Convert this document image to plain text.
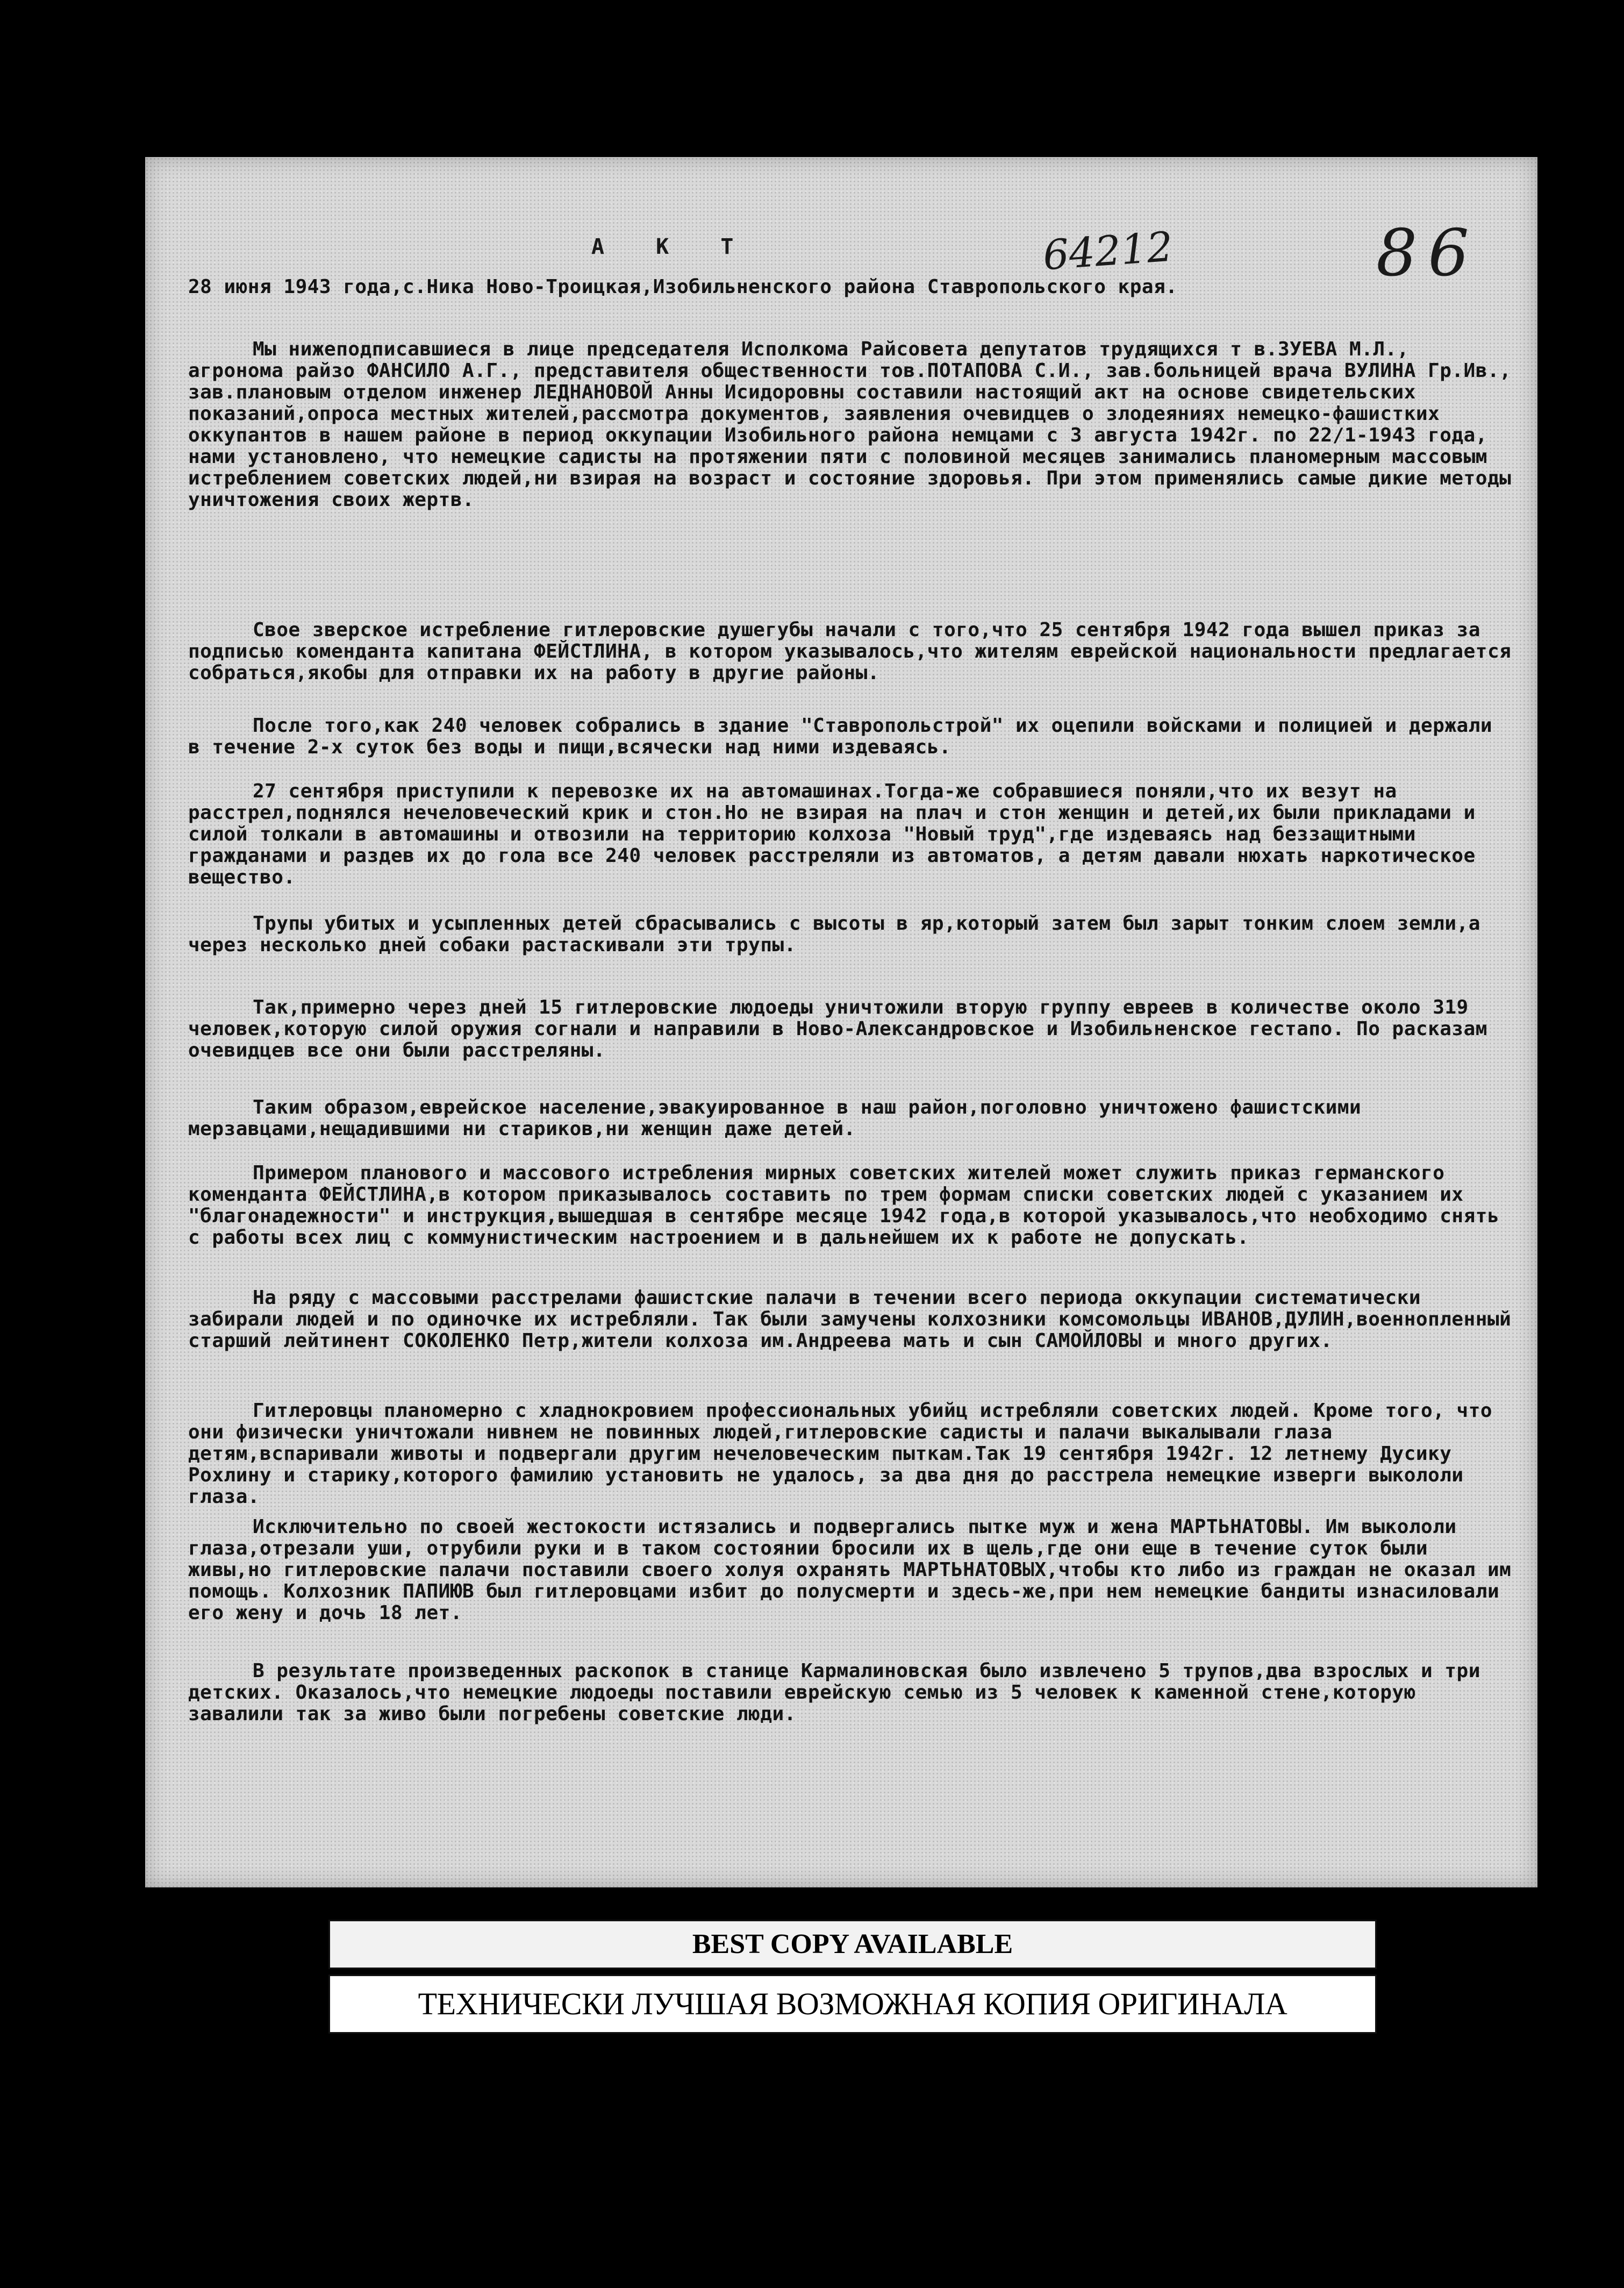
А К Т	64212	86
28 июня 1943 года,с.Ника Ново-Троицкая,Изобильненского района Ставропольского края.
Мы нижеподписавшиеся в лице председателя Исполкома Райсовета депутатов трудящихся т в.ЗУЕВА М.Л., агронома райзо ФАНСИЛО А.Г., представителя общественности тов.ПОТАПОВА С.И., зав.больницей врача ВУЛИНА Гр.Ив., зав.плановым отделом инженер ЛЕДНАНОВОЙ Анны Исидоровны составили настоящий акт на основе свидетельских показаний,опроса местных жителей,рассмотра документов, заявления очевидцев о злодеяниях немецко-фашистких оккупантов в нашем районе в период оккупации Изобильного района немцами с 3 августа 1942г. по 22/1-1943 года, нами установлено, что немецкие садисты на протяжении пяти с половиной месяцев занимались планомерным массовым истреблением советских людей,ни взирая на возраст и состояние здоровья. При этом применялись самые дикие методы уничтожения своих жертв.
Свое зверское истребление гитлеровские душегубы начали с того,что 25 сентября 1942 года вышел приказ за подписью коменданта капитана ФЕЙСТЛИНА, в котором указывалось,что жителям еврейской национальности предлагается собраться,якобы для отправки их на работу в другие районы.
После того,как 240 человек собрались в здание "Ставропольстрой" их оцепили войсками и полицией и держали в течение 2-х суток без воды и пищи,всячески над ними издеваясь.
27 сентября приступили к перевозке их на автомашинах.Тогда-же собравшиеся поняли,что их везут на расстрел,поднялся нечеловеческий крик и стон.Но не взирая на плач и стон женщин и детей,их были прикладами и силой толкали в автомашины и отвозили на территорию колхоза "Новый труд",где издеваясь над беззащитными гражданами и раздев их до гола все 240 человек расстреляли из автоматов, а детям давали нюхать наркотическое вещество.
Трупы убитых и усыпленных детей сбрасывались с высоты в яр,который затем был зарыт тонким слоем земли,а через несколько дней собаки растаскивали эти трупы.
Так,примерно через дней 15 гитлеровские людоеды уничтожили вторую группу евреев в количестве около 319 человек,которую силой оружия согнали и направили в Ново-Александровское и Изобильненское гестапо. По расказам очевидцев все они были расстреляны.
Таким образом,еврейское население,эвакуированное в наш район,поголовно уничтожено фашистскими мерзавцами,нещадившими ни стариков,ни женщин даже детей.
Примером планового и массового истребления мирных советских жителей может служить приказ германского коменданта ФЕЙСТЛИНА,в котором приказывалось составить по трем формам списки советских людей с указанием их "благонадежности" и инструкция,вышедшая в сентябре месяце 1942 года,в которой указывалось,что необходимо снять с работы всех лиц с коммунистическим настроением и в дальнейшем их к работе не допускать.
На ряду с массовыми расстрелами фашистские палачи в течении всего периода оккупации систематически забирали людей и по одиночке их истребляли. Так были замучены колхозники комсомольцы ИВАНОВ,ДУЛИН,военнопленный старший лейтинент СОКОЛЕНКО Петр,жители колхоза им.Андреева мать и сын САМОЙЛОВЫ и много других.
Гитлеровцы планомерно с хладнокровием профессиональных убийц истребляли советских людей. Кроме того, что они физически уничтожали нивнем не повинных людей,гитлеровские садисты и палачи выкалывали глаза детям,вспаривали животы и подвергали другим нечеловеческим пыткам.Так 19 сентября 1942г. 12 летнему Дусику Рохлину и старику,которого фамилию установить не удалось, за два дня до расстрела немецкие изверги выкололи глаза.
Исключительно по своей жестокости истязались и подвергались пытке муж и жена МАРТЬНАТОВЫ. Им выкололи глаза,отрезали уши, отрубили руки и в таком состоянии бросили их в щель,где они еще в течение суток были живы,но гитлеровские палачи поставили своего холуя охранять МАРТЬНАТОВЫХ,чтобы кто либо из граждан не оказал им помощь. Колхозник ПАПИЮВ был гитлеровцами избит до полусмерти и здесь-же,при нем немецкие бандиты изнасиловали его жену и дочь 18 лет.
В результате произведенных раскопок в станице Кармалиновская было извлечено 5 трупов,два взрослых и три детских. Оказалось,что немецкие людоеды поставили еврейскую семью из 5 человек к каменной стене,которую завалили так за живо были погребены советские люди.
BEST COPY AVAILABLE
ТЕХНИЧЕСКИ ЛУЧШАЯ ВОЗМОЖНАЯ КОПИЯ ОРИГИНАЛА
